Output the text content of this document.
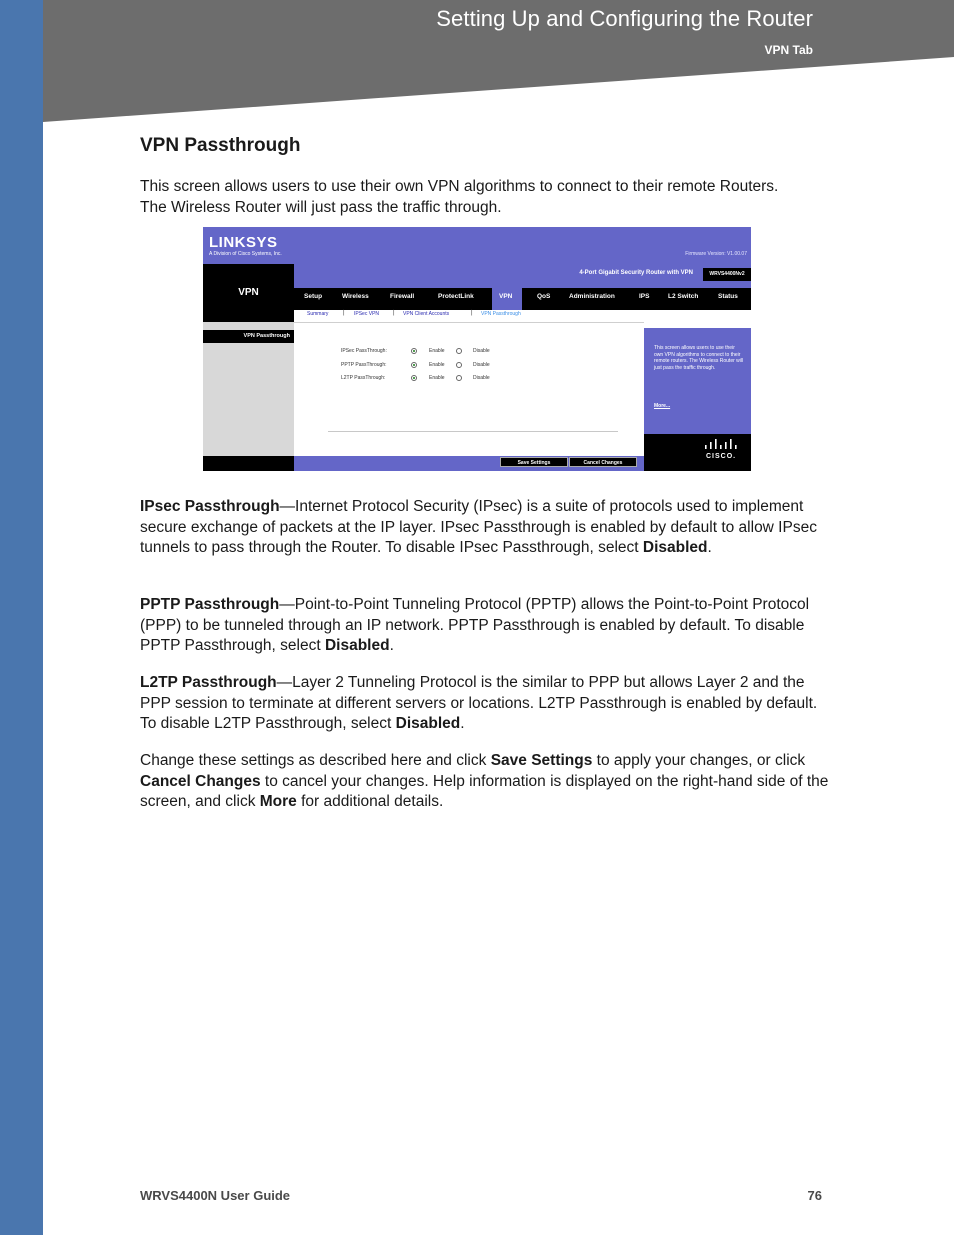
Setting Up and Configuring the Router
VPN Tab
VPN Passthrough
This screen allows users to use their own VPN algorithms to connect to their remote Routers.
The Wireless Router will just pass the traffic through.
LINKSYS
A Division of Cisco Systems, Inc.	Firmware Version: V1.00.07
VPN
4-Port Gigabit Security Router with VPN	WRVS4400Nv2
Setup	Wireless	Firewall	ProtectLink	VPN	QoS	Administration	IPS	L2 Switch	Status
Summary | IPSec VPN | VPN Client Accounts	| VPN Passthrough
VPN Passthrough
IPSec PassThrough:	Enable	Disable
PPTP PassThrough:	Enable	Disable
L2TP PassThrough:	Enable	Disable
This screen allows users to use their own VPN algorithms to connect to their remote routers. The Wireless Router will just pass the traffic through.
More...
CISCO.
Save Settings	Cancel Changes
IPsec Passthrough—Internet Protocol Security (IPsec) is a suite of protocols used to implement secure exchange of packets at the IP layer. IPsec Passthrough is enabled by default to allow IPsec tunnels to pass through the Router. To disable IPsec Passthrough, select Disabled.
PPTP Passthrough—Point-to-Point Tunneling Protocol (PPTP) allows the Point-to-Point Protocol (PPP) to be tunneled through an IP network. PPTP Passthrough is enabled by default. To disable PPTP Passthrough, select Disabled.
L2TP Passthrough—Layer 2 Tunneling Protocol is the similar to PPP but allows Layer 2 and the PPP session to terminate at different servers or locations. L2TP Passthrough is enabled by default. To disable L2TP Passthrough, select Disabled.
Change these settings as described here and click Save Settings to apply your changes, or click Cancel Changes to cancel your changes. Help information is displayed on the right-hand side of the screen, and click More for additional details.
WRVS4400N User Guide	76
